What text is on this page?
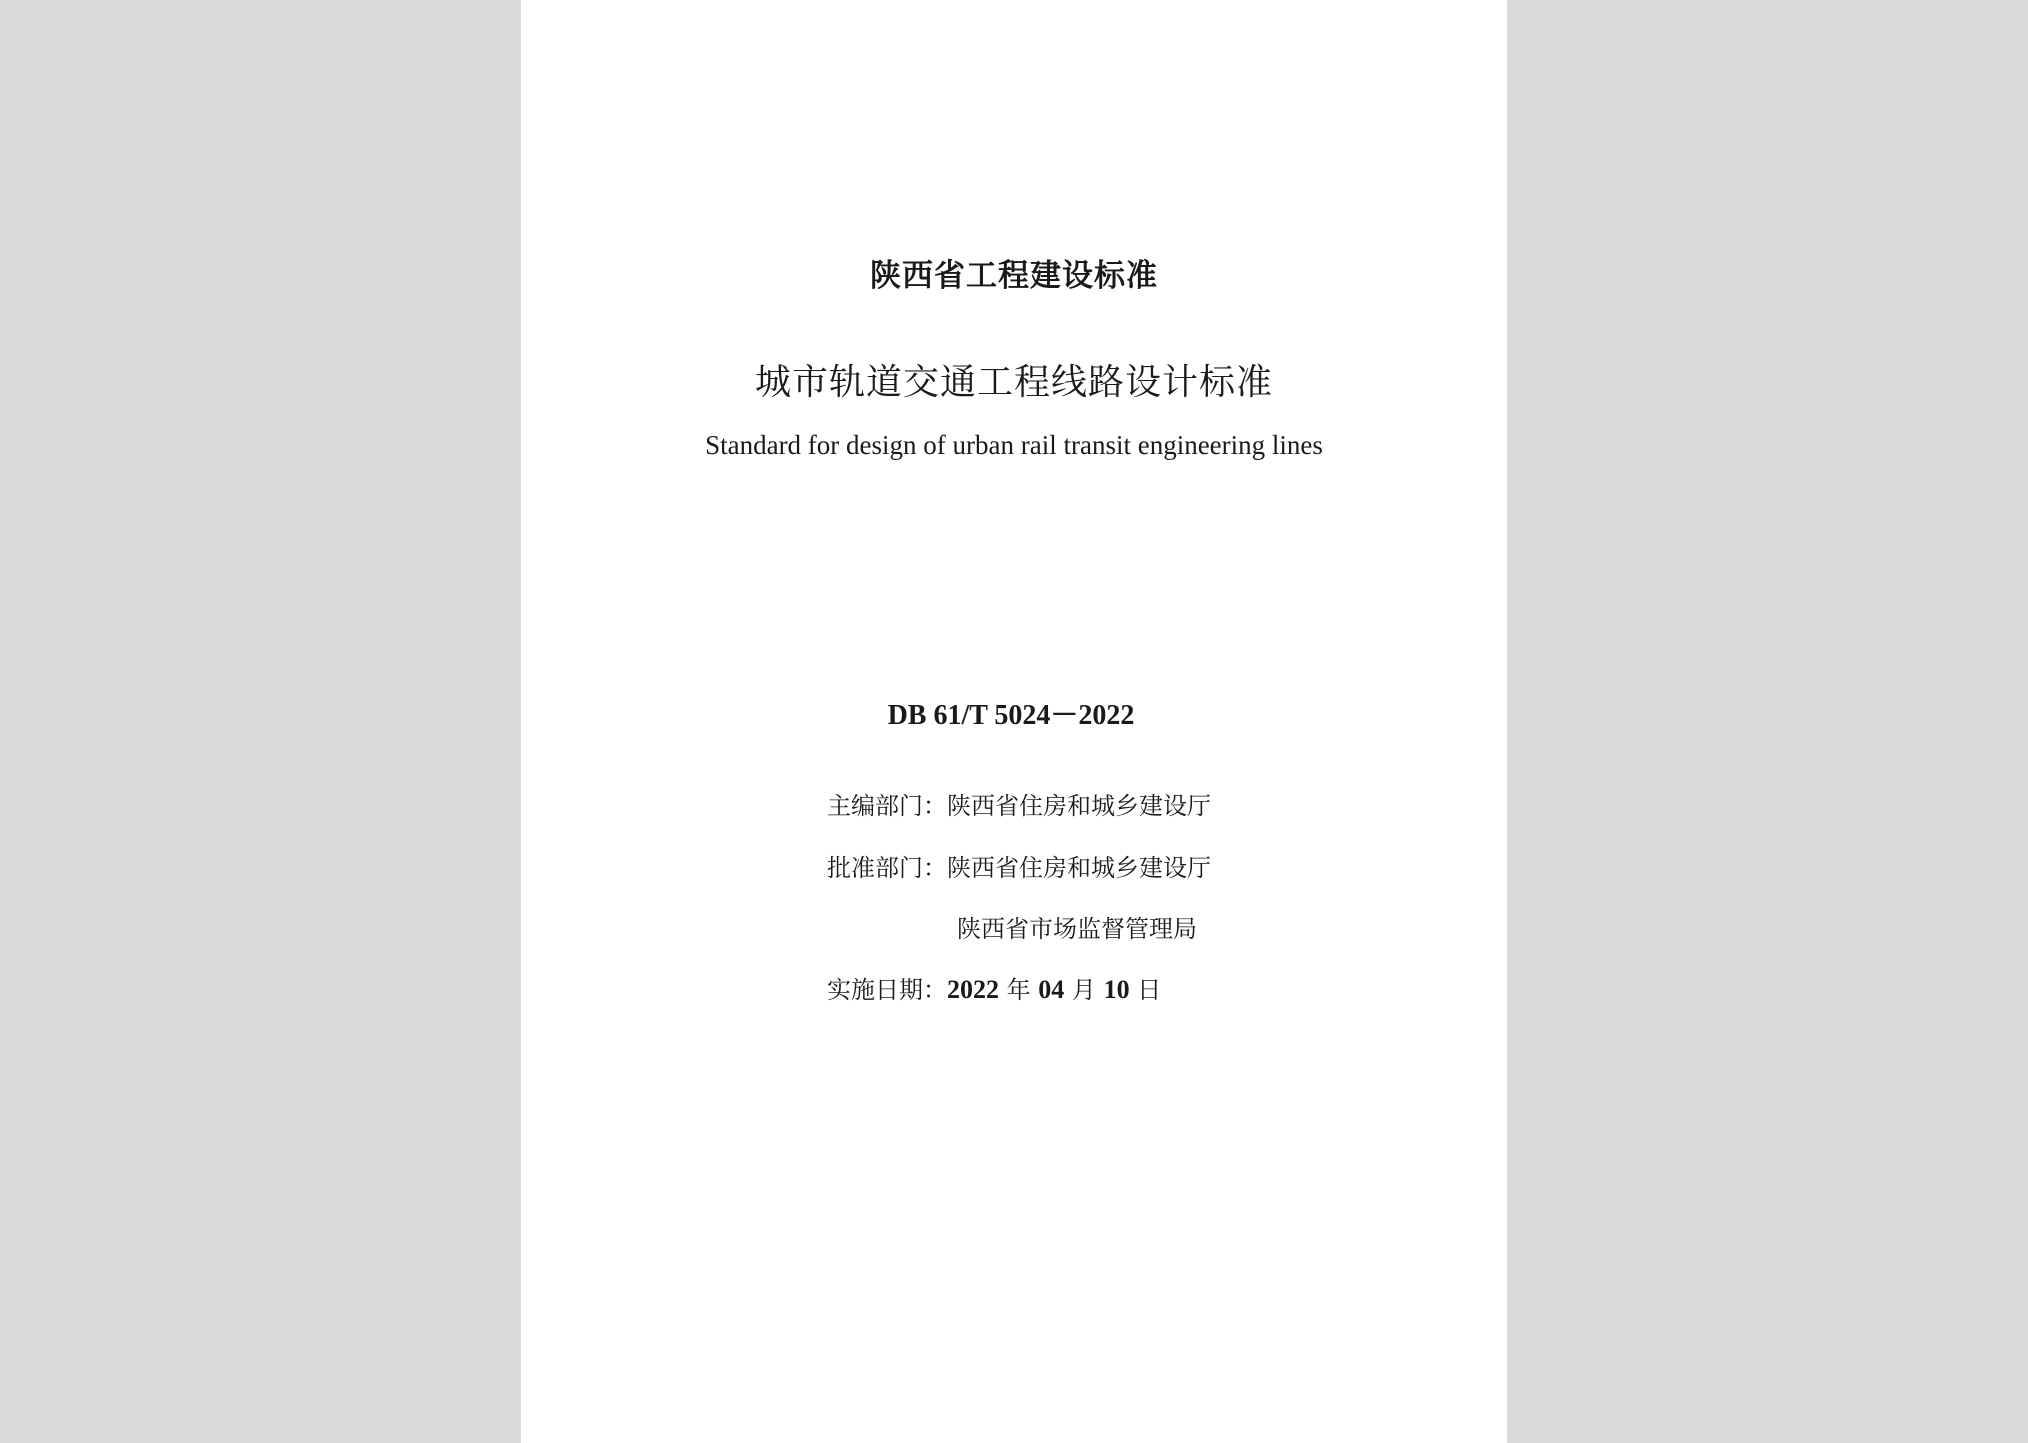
陕西省工程建设标准
城市轨道交通工程线路设计标准
Standard for design of urban rail transit engineering lines
DB 61/T 5024－2022
主编部门：陕西省住房和城乡建设厅
批准部门：陕西省住房和城乡建设厅
陕西省市场监督管理局
实施日期：2022 年 04 月 10 日
